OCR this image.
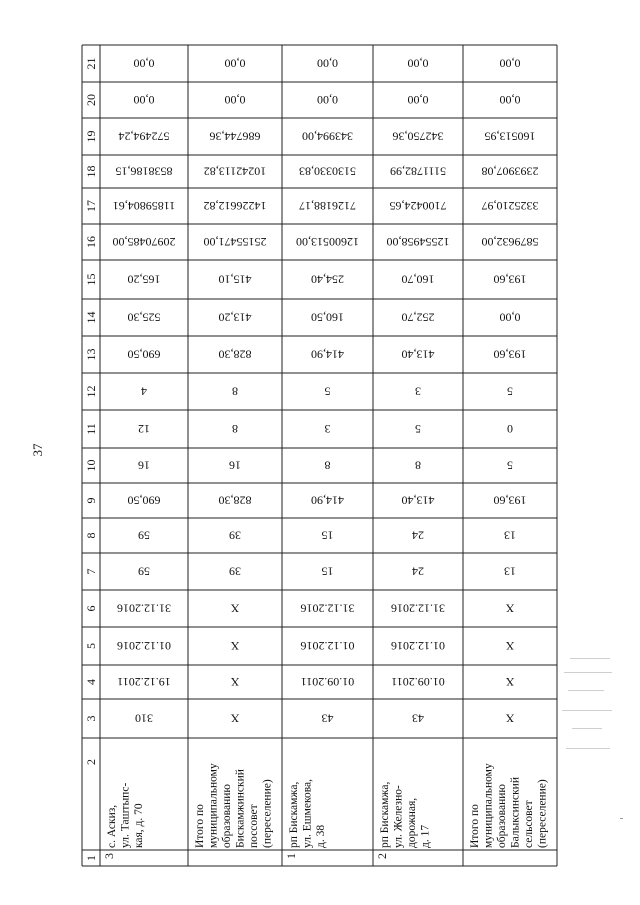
37
1
2
3
4
5
6
7
8
9
10
11
12
13
14
15
16
17
18
19
20
21
3
с. Аскиз, ул. Таштыпс- кая, д. 70
310
19.12.2011
01.12.2016
31.12.2016
59
59
690,50
16
12
4
690,50
525,30
165,20
20970485,00
11859804,61
8538186,15
572494,24
0,00
0,00
Итого по муниципальному образованию Бискамжинский поссовет (переселение)
Х
Х
Х
Х
39
39
828,30
16
8
8
828,30
413,20
415,10
25155471,00
14226612,82
10242113,82
686744,36
0,00
0,00
1
рп Бискамжа, ул. Ешмекова, д. 38
43
01.09.2011
01.12.2016
31.12.2016
15
15
414,90
8
3
5
414,90
160,50
254,40
12600513,00
7126188,17
5130330,83
343994,00
0,00
0,00
2
рп Бискамжа, ул. Железно- дорожная, д. 17
43
01.09.2011
01.12.2016
31.12.2016
24
24
413,40
8
5
3
413,40
252,70
160,70
12554958,00
7100424,65
5111782,99
342750,36
0,00
0,00
Итого по муниципальному образованию Балыксинский сельсовет (переселение)
Х
Х
Х
Х
13
13
193,60
5
0
5
193,60
0,00
193,60
5879632,00
3325210,97
2393907,08
160513,95
0,00
0,00
